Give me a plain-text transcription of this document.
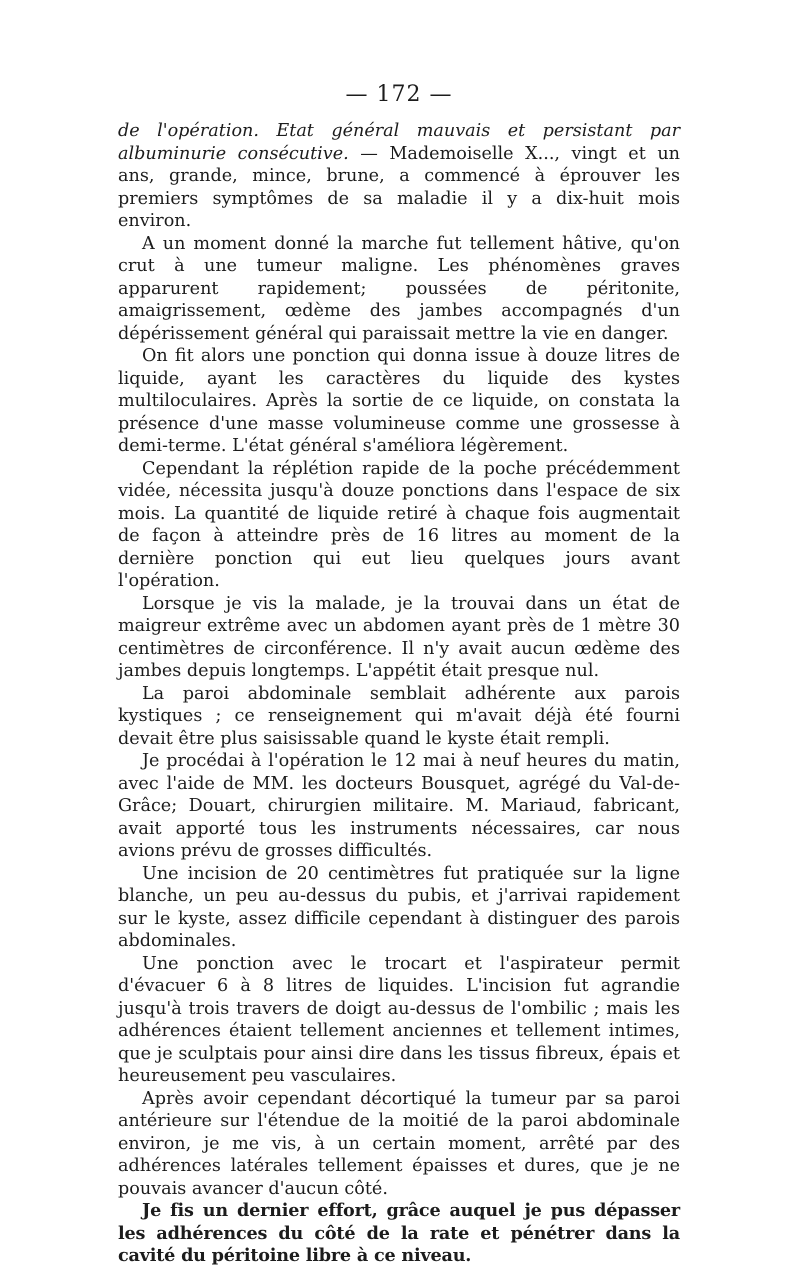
— 172 —

de l'opération. Etat général mauvais et persistant par albuminurie consécutive. — Mademoiselle X..., vingt et un ans, grande, mince, brune, a commencé à éprouver les premiers symptômes de sa maladie il y a dix-huit mois environ.

A un moment donné la marche fut tellement hâtive, qu'on crut à une tumeur maligne. Les phénomènes graves apparurent rapidement; poussées de péritonite, amaigrissement, œdème des jambes accompagnés d'un dépérissement général qui paraissait mettre la vie en danger.

On fit alors une ponction qui donna issue à douze litres de liquide, ayant les caractères du liquide des kystes multiloculaires. Après la sortie de ce liquide, on constata la présence d'une masse volumineuse comme une grossesse à demi-terme. L'état général s'améliora légèrement.

Cependant la réplétion rapide de la poche précédemment vidée, nécessita jusqu'à douze ponctions dans l'espace de six mois. La quantité de liquide retiré à chaque fois augmentait de façon à atteindre près de 16 litres au moment de la dernière ponction qui eut lieu quelques jours avant l'opération.

Lorsque je vis la malade, je la trouvai dans un état de maigreur extrême avec un abdomen ayant près de 1 mètre 30 centimètres de circonférence. Il n'y avait aucun œdème des jambes depuis longtemps. L'appétit était presque nul.

La paroi abdominale semblait adhérente aux parois kystiques ; ce renseignement qui m'avait déjà été fourni devait être plus saisissable quand le kyste était rempli.

Je procédai à l'opération le 12 mai à neuf heures du matin, avec l'aide de MM. les docteurs Bousquet, agrégé du Val-de-Grâce; Douart, chirurgien militaire. M. Mariaud, fabricant, avait apporté tous les instruments nécessaires, car nous avions prévu de grosses difficultés.

Une incision de 20 centimètres fut pratiquée sur la ligne blanche, un peu au-dessus du pubis, et j'arrivai rapidement sur le kyste, assez difficile cependant à distinguer des parois abdominales.

Une ponction avec le trocart et l'aspirateur permit d'évacuer 6 à 8 litres de liquides. L'incision fut agrandie jusqu'à trois travers de doigt au-dessus de l'ombilic ; mais les adhérences étaient tellement anciennes et tellement intimes, que je sculptais pour ainsi dire dans les tissus fibreux, épais et heureusement peu vasculaires.

Après avoir cependant décortiqué la tumeur par sa paroi antérieure sur l'étendue de la moitié de la paroi abdominale environ, je me vis, à un certain moment, arrêté par des adhérences latérales tellement épaisses et dures, que je ne pouvais avancer d'aucun côté.

Je fis un dernier effort, grâce auquel je pus dépasser les adhérences du côté de la rate et pénétrer dans la cavité du péritoine libre à ce niveau.
